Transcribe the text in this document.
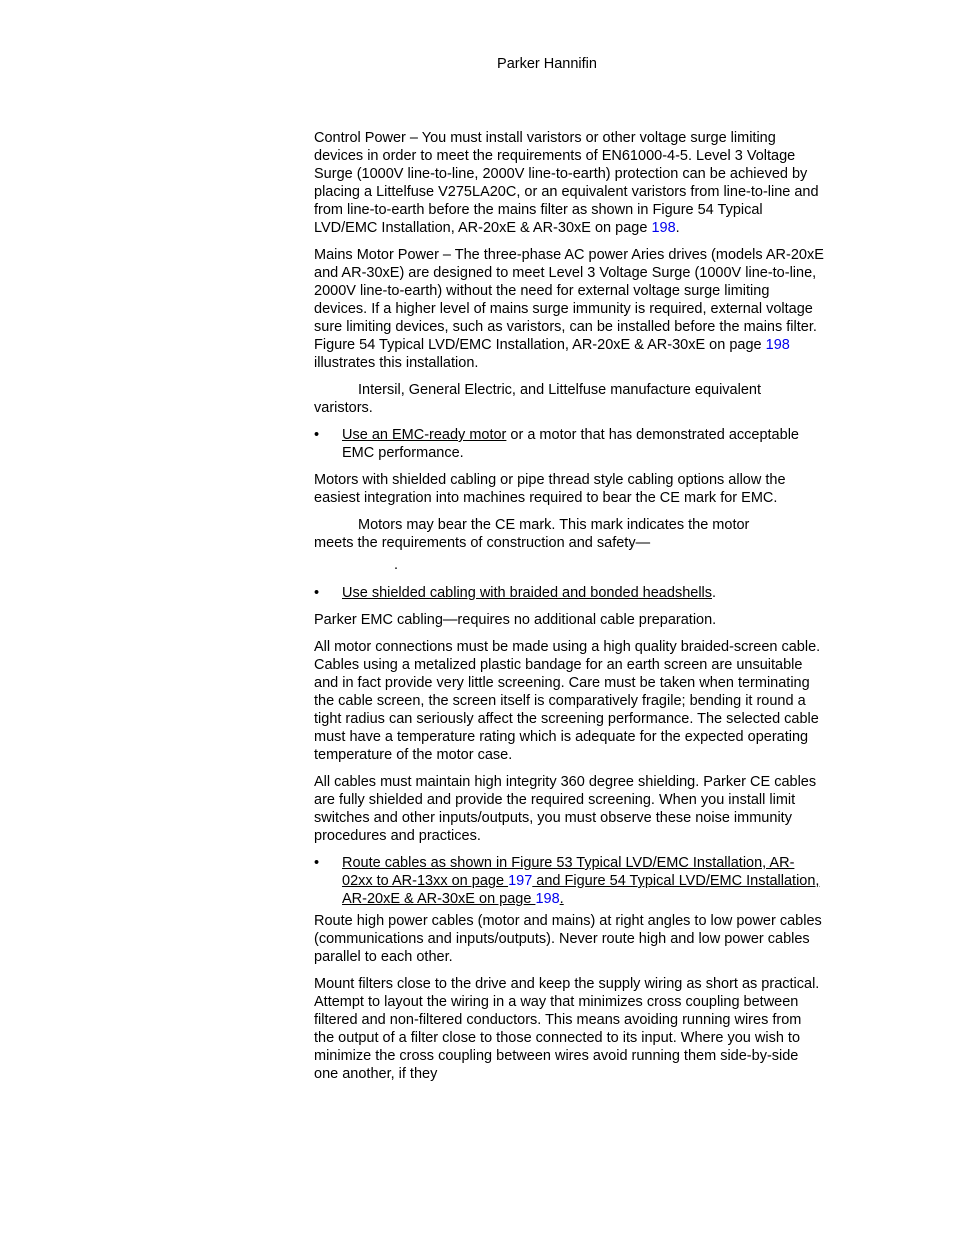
Parker Hannifin

Control Power – You must install varistors or other voltage surge limiting devices in order to meet the requirements of EN61000-4-5. Level 3 Voltage Surge (1000V line-to-line, 2000V line-to-earth) protection can be achieved by placing a Littelfuse V275LA20C, or an equivalent varistors from line-to-line and from line-to-earth before the mains filter as shown in Figure 54 Typical LVD/EMC Installation, AR-20xE & AR-30xE on page 198.

Mains Motor Power – The three-phase AC power Aries drives (models AR-20xE and AR-30xE) are designed to meet Level 3 Voltage Surge (1000V line-to-line, 2000V line-to-earth) without the need for external voltage surge limiting devices. If a higher level of mains surge immunity is required, external voltage sure limiting devices, such as varistors, can be installed before the mains filter. Figure 54 Typical LVD/EMC Installation, AR-20xE & AR-30xE on page 198 illustrates this installation.

Intersil, General Electric, and Littelfuse manufacture equivalent
varistors.

• Use an EMC-ready motor or a motor that has demonstrated acceptable EMC performance.

Motors with shielded cabling or pipe thread style cabling options allow the easiest integration into machines required to bear the CE mark for EMC.

Motors may bear the CE mark. This mark indicates the motor
meets the requirements of construction and safety—

.

• Use shielded cabling with braided and bonded headshells.

Parker EMC cabling—requires no additional cable preparation.

All motor connections must be made using a high quality braided-screen cable. Cables using a metalized plastic bandage for an earth screen are unsuitable and in fact provide very little screening. Care must be taken when terminating the cable screen, the screen itself is comparatively fragile; bending it round a tight radius can seriously affect the screening performance. The selected cable must have a temperature rating which is adequate for the expected operating temperature of the motor case.

All cables must maintain high integrity 360 degree shielding. Parker CE cables are fully shielded and provide the required screening. When you install limit switches and other inputs/outputs, you must observe these noise immunity procedures and practices.

• Route cables as shown in Figure 53 Typical LVD/EMC Installation, AR-02xx to AR-13xx on page 197 and Figure 54 Typical LVD/EMC Installation, AR-20xE & AR-30xE on page 198.

Route high power cables (motor and mains) at right angles to low power cables (communications and inputs/outputs). Never route high and low power cables parallel to each other.

Mount filters close to the drive and keep the supply wiring as short as practical. Attempt to layout the wiring in a way that minimizes cross coupling between filtered and non-filtered conductors. This means avoiding running wires from the output of a filter close to those connected to its input. Where you wish to minimize the cross coupling between wires avoid running them side-by-side one another, if they
